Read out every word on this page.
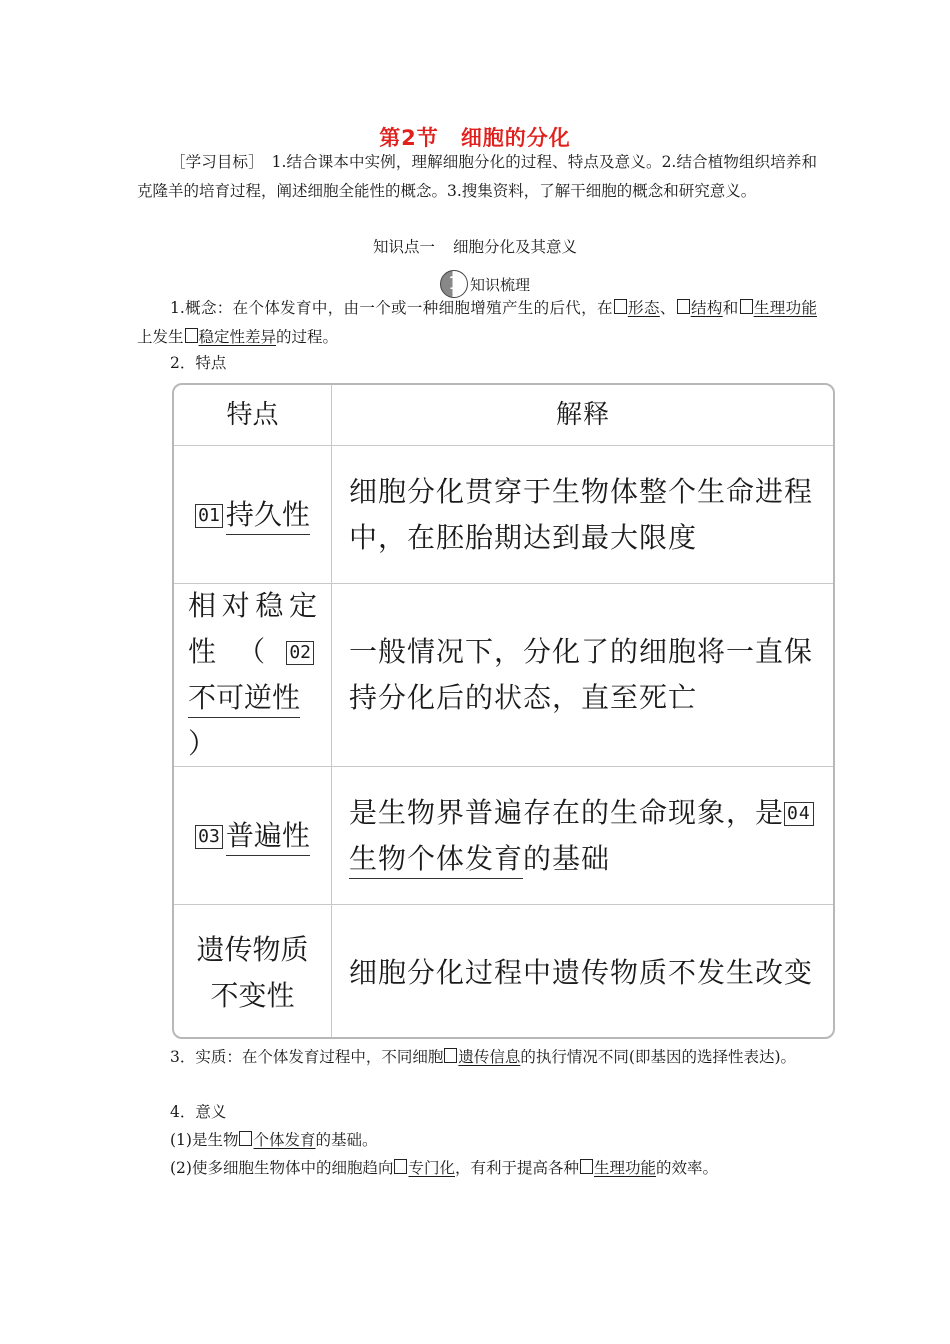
第2节 细胞的分化
［学习目标］　1.结合课本中实例，理解细胞分化的过程、特点及意义。2.结合植物组织培养和克隆羊的培育过程，阐述细胞全能性的概念。3.搜集资料，了解干细胞的概念和研究意义。
知识点一 细胞分化及其意义
1 知识梳理
1.概念：在个体发育中，由一个或一种细胞增殖产生的后代，在 形态、 结构和 生理功能上发生 稳定性差异的过程。
2．特点
特点	解释
01 持久性
细胞分化贯穿于生物体整个生命进程中，在胚胎期达到最大限度
相对稳定性（ 02不可逆性）
一般情况下，分化了的细胞将一直保持分化后的状态，直至死亡
03 普遍性
是生物界普遍存在的生命现象，是 04生物个体发育的基础
遗传物质不变性
细胞分化过程中遗传物质不发生改变
3．实质：在个体发育过程中，不同细胞 遗传信息的执行情况不同(即基因的选择性表达)。
4．意义
(1)是生物 个体发育的基础。
(2)使多细胞生物体中的细胞趋向 专门化，有利于提高各种 生理功能的效率。
